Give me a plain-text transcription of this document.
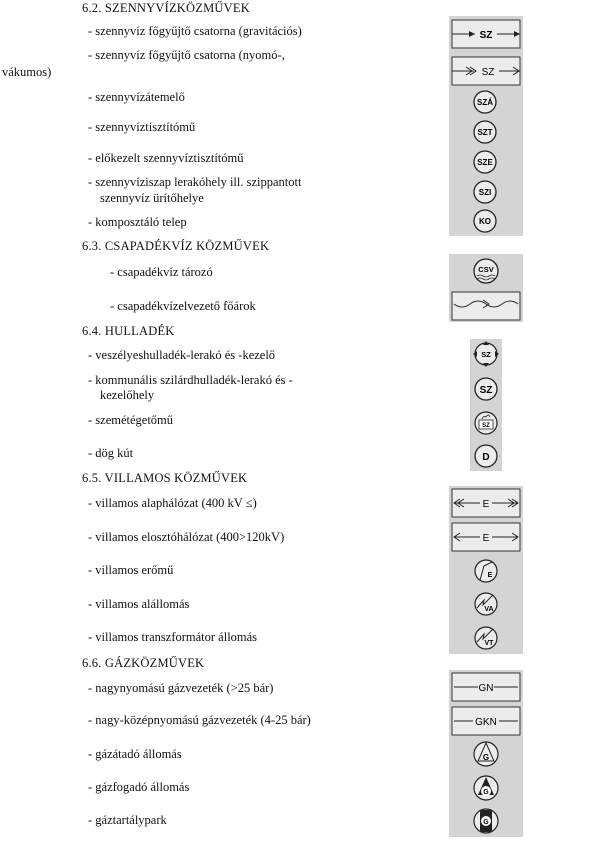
6.2. SZENNYVÍZKÖZMŰVEK
- szennyvíz főgyűjtő csatorna (gravitációs)
- szennyvíz főgyűjtő csatorna (nyomó-,
vákumos)
- szennyvízátemelő
- szennyvíztisztítómű
- előkezelt szennyvíztisztítómű
- szennyvíziszap lerakóhely ill. szippantott
szennyvíz ürítőhelye
- komposztáló telep
SZ
SZ
SZÁ
SZT
SZE
SZI
KO
6.3. CSAPADÉKVÍZ KÖZMŰVEK
- csapadékvíz tározó
- csapadékvízelvezető főárok
CSV
6.4. HULLADÉK
- veszélyeshulladék-lerakó és -kezelő
- kommunális szilárdhulladék-lerakó és -
kezelőhely
- szemétégetőmű
- dög kút
SZ
SZ
SZ
D
6.5. VILLAMOS KÖZMŰVEK
- villamos alaphálózat (400 kV ≤)
- villamos elosztóhálózat (400>120kV)
- villamos erőmű
- villamos alállomás
- villamos transzformátor állomás
E
E
E
VA
VT
6.6. GÁZKÖZMŰVEK
- nagynyomású gázvezeték (>25 bár)
- nagy-középnyomású gázvezeték (4-25 bár)
- gázátadó állomás
- gázfogadó állomás
- gáztartálypark
GN
GKN
G
G
G
